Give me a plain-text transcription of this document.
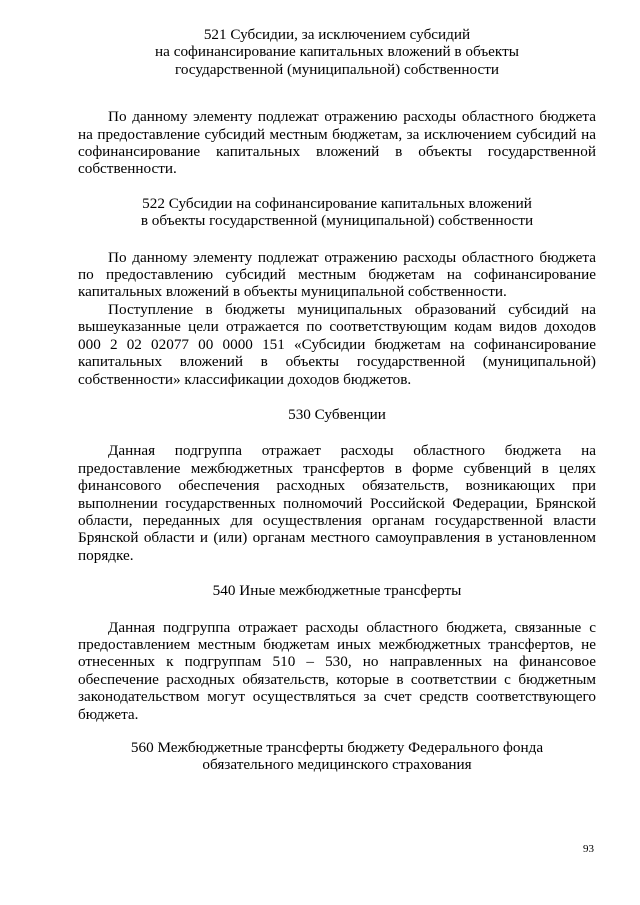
521 Субсидии, за исключением субсидий
на софинансирование капитальных вложений в объекты
государственной (муниципальной) собственности
По данному элементу подлежат отражению расходы областного бюджета на предоставление субсидий местным бюджетам, за исключением субсидий на софинансирование капитальных вложений в объекты государственной собственности.
522 Субсидии на софинансирование капитальных вложений
в объекты государственной (муниципальной) собственности
По данному элементу подлежат отражению расходы областного бюджета по предоставлению субсидий местным бюджетам на софинансирование капитальных вложений в объекты муниципальной собственности.
Поступление в бюджеты муниципальных образований субсидий на вышеуказанные цели отражается по соответствующим кодам видов доходов 000 2 02 02077 00 0000 151 «Субсидии бюджетам на софинансирование капитальных вложений в объекты государственной (муниципальной) собственности» классификации доходов бюджетов.
530 Субвенции
Данная подгруппа отражает расходы областного бюджета на предоставление межбюджетных трансфертов в форме субвенций в целях финансового обеспечения расходных обязательств, возникающих при выполнении государственных полномочий Российской Федерации, Брянской области, переданных для осуществления органам государственной власти Брянской области и (или) органам местного самоуправления в установленном порядке.
540 Иные межбюджетные трансферты
Данная подгруппа отражает расходы областного бюджета, связанные с предоставлением местным бюджетам иных межбюджетных трансфертов, не отнесенных к подгруппам 510 – 530, но направленных на финансовое обеспечение расходных обязательств, которые в соответствии с бюджетным законодательством могут осуществляться за счет средств соответствующего бюджета.
560 Межбюджетные трансферты бюджету Федерального фонда
обязательного медицинского страхования
93
